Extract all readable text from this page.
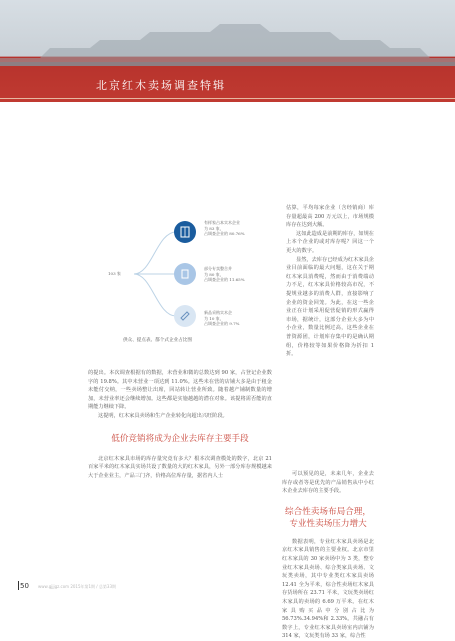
北京红木卖场调查特辑
103 家
有样家占本实木企业
为 83 家，
占调查企业的 80.76%
部分专卖整合并
为 80 家，
占调查企业的 11.65%
新品采购实木企
为 10 家，
占调查企业的 9.7%
供众、提点表、都个式企业占比图
的提出。本次调查根据有的数据，未营业和微的总数达到 90 家，占登记企业数字的 19.8%。其中未营业一项达到 11.0%。这些未在营的店铺大多是由于租金未能付交纳，一些卖场整让出席，回站转让营业所致。随着越产铺制数量的增加，未营业率还会继续增加。这些都是实施越越的潜在对象。该提将需否能的直期能力继续下降。
这提明，红木家具卖场和生产企业转化向超出兴旺阶段。
低价竞销将成为企业去库存主要手段
北京红木家具市场的库存量究竟有多大？根本次调查模处的数字，北京 21 百家平米的红木家具实场共设了数量的大的红木家具，另外一部分库存规模越来大于企业业主，产品三门齐，价格高位库存量，据省内人士
估算，平均每家企业（含经销商）库存量超最高 200 万元以上，市场规模库存在达到大额。
这如此造成是前期的库存，如规在上本个企业的或对库存呢？回这一个更大的数字。
显然，去库存已经成为红木家具企业目前面临的最大问题，这在关于期红木家具消费呢，然而由于消费端动力不足，红木家具价格较高市况，不提规业越多的消费人群，直接影响了企业的资金回笼。为此，在这一些企业正在计划采用促营促销的形式赢得市场，据统计，这部分企业大多为中小企业，数量比例过高，这些企业在普资源团，计划库存集中的是确认期组，价格较等如果价格降为折扣 1 折。
可以预见的是，未来几年，企业去库存或者等是优先的产品销售从中小红木企业去库存的主要手段。
综合性卖场布局合理，专业性卖场压力增大
数据表明，专业红木家具卖场是北京红木家具销售的主要业权。北京市里红木家具的 30 家卖场中为 3 类，整专业红木家具卖场、综合类家具卖场、文玩类卖场，其中专业类红木家具卖场 12.41 全为平米，综合性卖场红木家具存货场所在 23.71 平米，文玩类卖场红木家具的卖场的 6.69 万平米。在红木家具购买品中分别占比为 56.73%.34.94%和 2.33%。共融占有数字上，专业红木家具卖场室内店铺为 314 家，文玩类有场 33 家，综合性
50 www.gjjjgz.com 2015年第1期 / 总第33期
